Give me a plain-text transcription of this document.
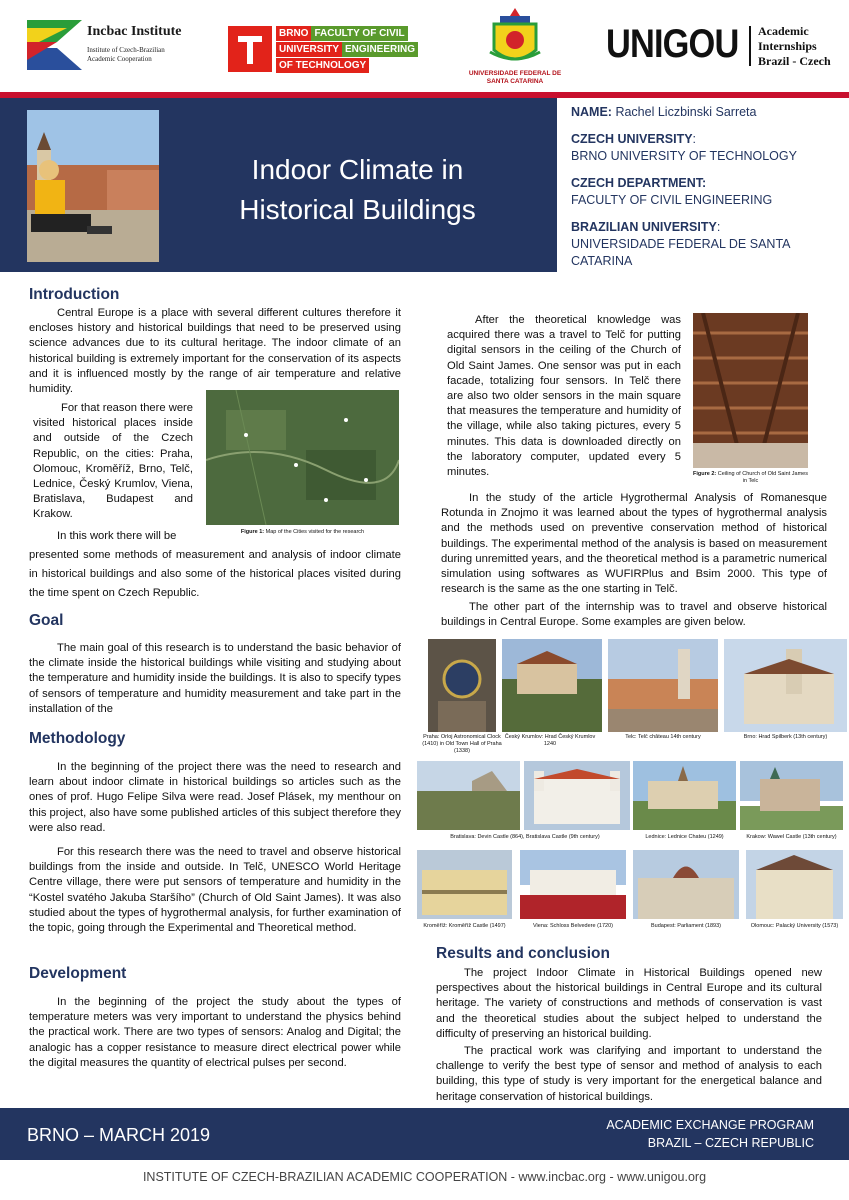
Incbac Institute
Institute of Czech-Brazilian Academic Cooperation
BRNO FACULTY OF CIVIL
UNIVERSITY ENGINEERING
OF TECHNOLOGY
UNIVERSIDADE FEDERAL DE SANTA CATARINA
UNIGOU Academic
Internships
Brazil - Czech
Indoor Climate in
Historical Buildings
NAME: Rachel Liczbinski Sarreta
CZECH UNIVERSITY:
BRNO UNIVERSITY OF TECHNOLOGY
CZECH DEPARTMENT:
FACULTY OF CIVIL ENGINEERING
BRAZILIAN UNIVERSITY:
UNIVERSIDADE FEDERAL DE SANTA CATARINA
Introduction
Central Europe is a place with several different cultures therefore it encloses history and historical buildings that need to be preserved using science advances due to its cultural heritage. The indoor climate of an historical building is extremely important for the conservation of its aspects and it is influenced mostly by the range of air temperature and relative humidity.
For that reason there were visited historical places inside and outside of the Czech Republic, on the cities: Praha, Olomouc, Kroměříž, Brno, Telč, Lednice, Český Krumlov, Viena, Bratislava, Budapest and Krakow.
Figure 1: Map of the Cities visited for the research
In this work there will be
presented some methods of measurement and analysis of indoor climate in historical buildings and also some of the historical places visited during the time spent on Czech Republic.
Goal
The main goal of this research is to understand the basic behavior of the climate inside the historical buildings while visiting and studying about the temperature and humidity inside the buildings. It is also to specify types of sensors of temperature and humidity measurement and take part in the installation of the
Methodology
In the beginning of the project there was the need to research and learn about indoor climate in historical buildings so articles such as the ones of prof. Hugo Felipe Silva were read. Josef Plásek, my menthour on this project, also have some published articles of this subject therefore they were also read.
For this research there was the need to travel and observe historical buildings from the inside and outside. In Telč, UNESCO World Heritage Centre village, there were put sensors of temperature and humidity in the “Kostel svatého Jakuba Staršího” (Church of Old Saint James). It was also studied about the types of hygrothermal analysis, for further examination of the topic, going through the Experimental and Theoretical method.
Development
In the beginning of the project the study about the types of temperature meters was very important to understand the physics behind the practical work. There are two types of sensors: Analog and Digital; the analogic has a copper resistance to measure direct electrical power while the digital measures the quantity of electrical pulses per second.
After the theoretical knowledge was acquired there was a travel to Telč for putting digital sensors in the ceiling of the Church of Old Saint James. One sensor was put in each facade, totalizing four sensors. In Telč there are also two older sensors in the main square that measures the temperature and humidity of the village, while also taking pictures, every 5 minutes. This data is downloaded directly on the laboratory computer, updated every 5 minutes.	Figure 2: Ceiling of Church of Old Saint James in Telc
In the study of the article Hygrothermal Analysis of Romanesque Rotunda in Znojmo it was learned about the types of hygrothermal analysis and the methods used on preventive conservation method of historical buildings. The experimental method of the analysis is based on measurement during unremitted years, and the theoretical method is a parametric numerical simulation using softwares as WUFIRPlus and Bsim 2000. This type of research is the same as the one starting in Telč.
The other part of the internship was to travel and observe historical buildings in Central Europe. Some examples are given below.
Praha: Orloj Astronomical Clock (1410) in Old Town Hall of Praha (1338)
Český Krumlov: Hrad Český Krumlov 1240
Telc: Telč château 14th century	Brno: Hrad Spilberk (13th century)
Bratislava: Devin Castle (864), Bratislava Castle (9th century)	Lednice: Lednice Chateu (1249)	Krakow: Wawel Castle (13th century)
Kroměříž: Kroměříž Castle (1497)	Viena: Schloss Belvedere (1720)	Budapest: Parliament (1893)	Olomouc: Palacký University (1573)
Results and conclusion
The project Indoor Climate in Historical Buildings opened new perspectives about the historical buildings in Central Europe and its cultural heritage. The variety of constructions and methods of conservation is vast and the theoretical studies about the subject helped to understand the difficulty of preserving an historical building.
The practical work was clarifying and important to understand the challenge to verify the best type of sensor and method of analysis to each building, this type of study is very important for the energetical balance and heritage conservation of historical buildings.
BRNO – MARCH 2019	ACADEMIC EXCHANGE PROGRAM
BRAZIL – CZECH REPUBLIC
INSTITUTE OF CZECH-BRAZILIAN ACADEMIC COOPERATION - www.incbac.org - www.unigou.org
